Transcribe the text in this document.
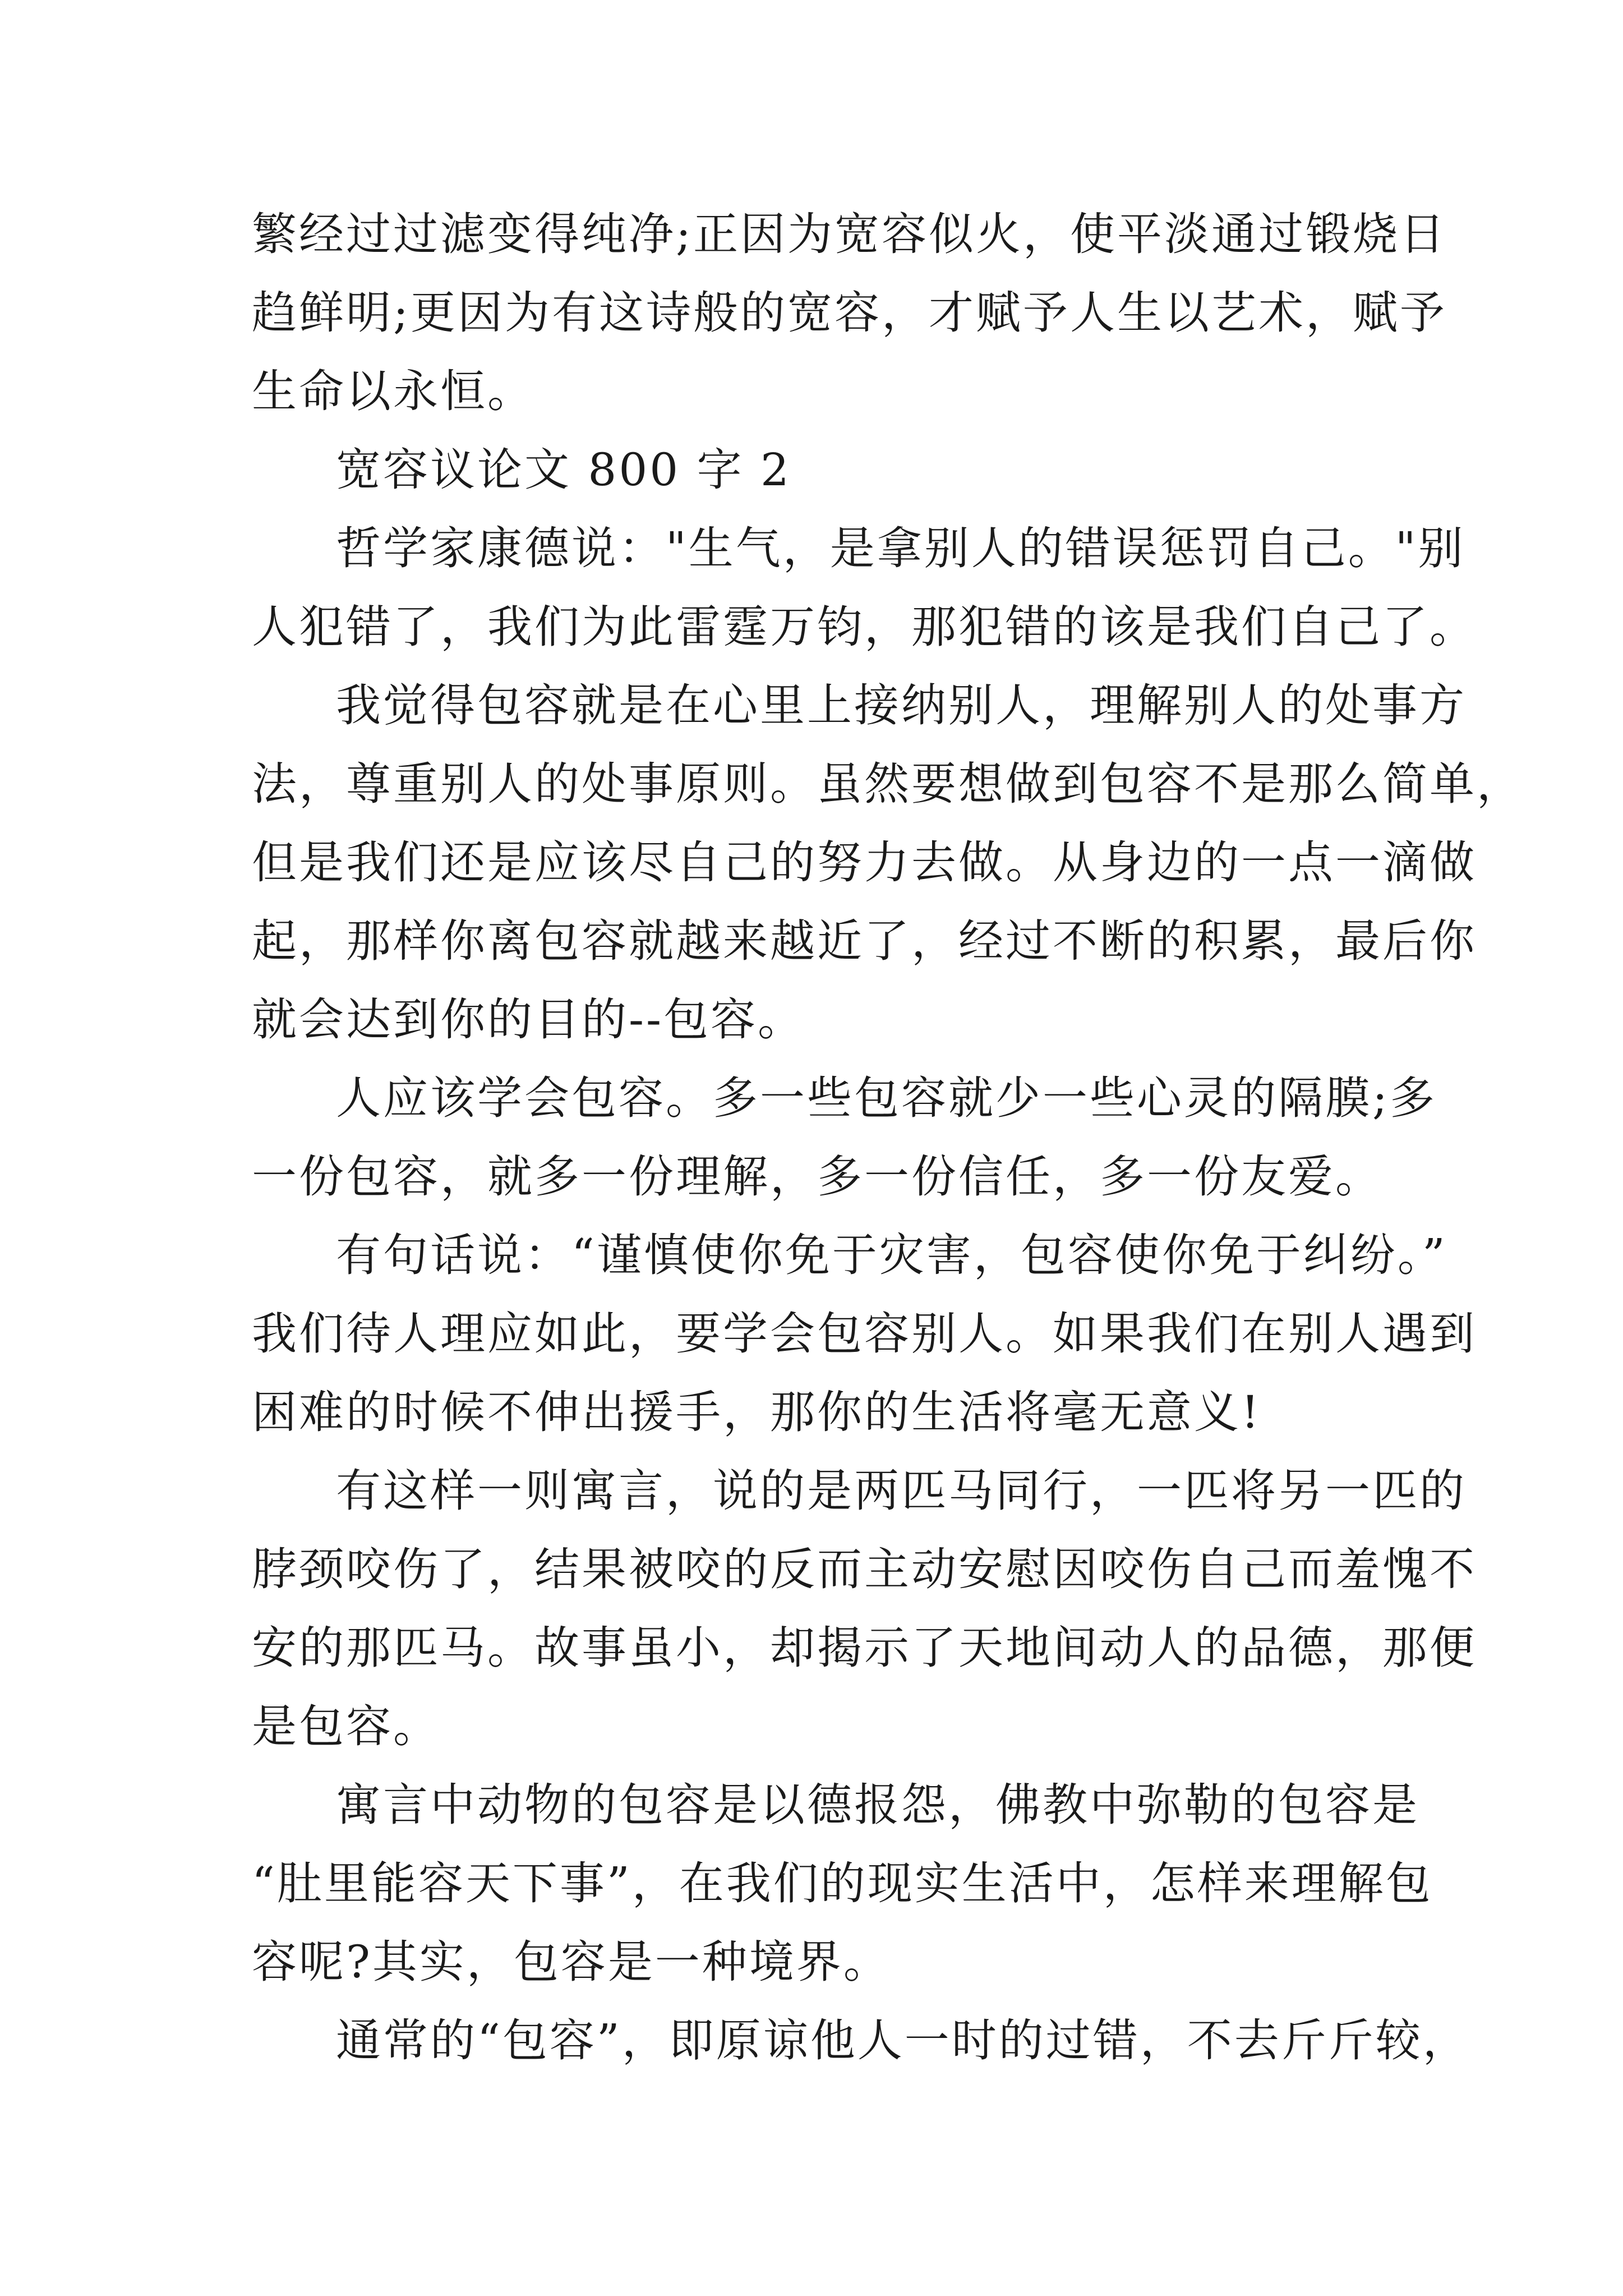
繁经过过滤变得纯净;正因为宽容似火，使平淡通过锻烧日
趋鲜明;更因为有这诗般的宽容，才赋予人生以艺术，赋予
生命以永恒。
宽容议论文 800 字 2
哲学家康德说："生气，是拿别人的错误惩罚自己。"别
人犯错了，我们为此雷霆万钧，那犯错的该是我们自己了。
我觉得包容就是在心里上接纳别人，理解别人的处事方
法，尊重别人的处事原则。虽然要想做到包容不是那么简单，
但是我们还是应该尽自己的努力去做。从身边的一点一滴做
起，那样你离包容就越来越近了，经过不断的积累，最后你
就会达到你的目的--包容。
人应该学会包容。多一些包容就少一些心灵的隔膜;多
一份包容，就多一份理解，多一份信任，多一份友爱。
有句话说：“谨慎使你免于灾害，包容使你免于纠纷。”
我们待人理应如此，要学会包容别人。如果我们在别人遇到
困难的时候不伸出援手，那你的生活将毫无意义!
有这样一则寓言，说的是两匹马同行，一匹将另一匹的
脖颈咬伤了，结果被咬的反而主动安慰因咬伤自己而羞愧不
安的那匹马。故事虽小，却揭示了天地间动人的品德，那便
是包容。
寓言中动物的包容是以德报怨，佛教中弥勒的包容是
“肚里能容天下事”，在我们的现实生活中，怎样来理解包
容呢?其实，包容是一种境界。
通常的“包容”，即原谅他人一时的过错，不去斤斤较，
